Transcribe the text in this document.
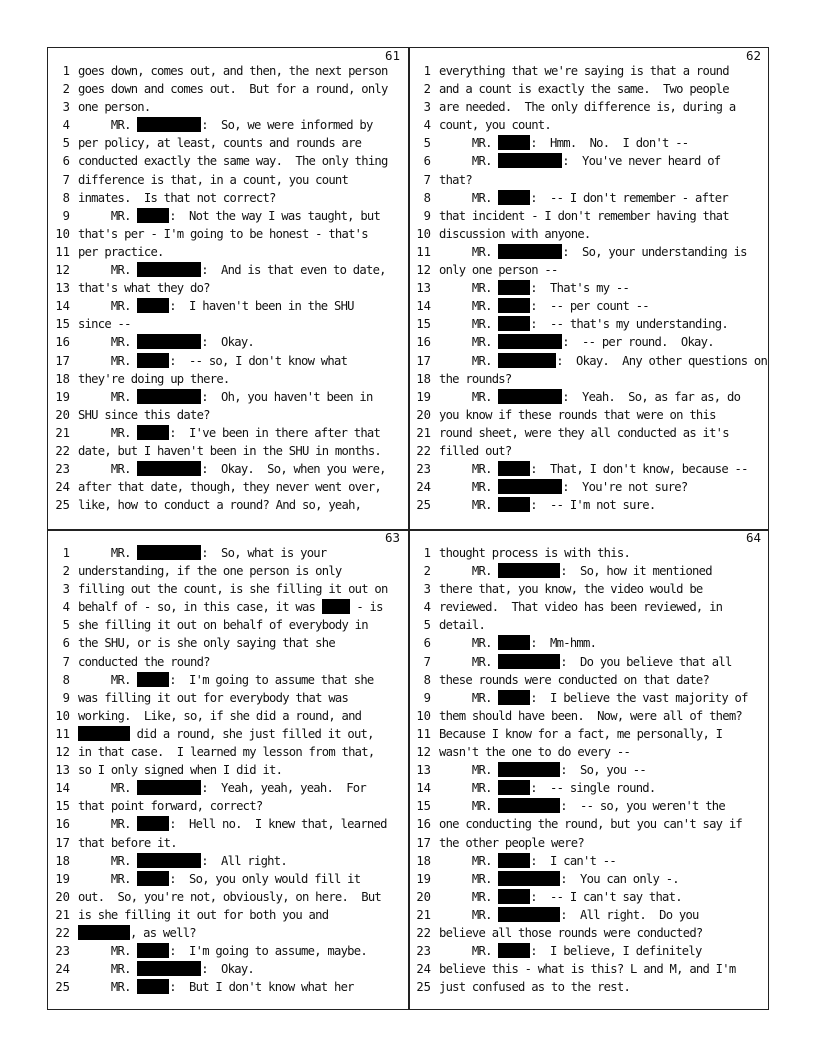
61
1 goes down, comes out, and then, the next person
2 goes down and comes out.  But for a round, only
3 one person.
4     MR.	:  So, we were informed by
5 per policy, at least, counts and rounds are
6 conducted exactly the same way.  The only thing
7 difference is that, in a count, you count
8 inmates.  Is that not correct?
9     MR.	:  Not the way I was taught, but
10 that's per - I'm going to be honest - that's
11 per practice.
12     MR.	:  And is that even to date,
13 that's what they do?
14     MR.	:  I haven't been in the SHU
15 since --
16     MR.	:  Okay.
17     MR.	:  -- so, I don't know what
18 they're doing up there.
19     MR.	:  Oh, you haven't been in
20 SHU since this date?
21     MR.	:  I've been in there after that
22 date, but I haven't been in the SHU in months.
23     MR.	:  Okay.  So, when you were,
24 after that date, though, they never went over,
25 like, how to conduct a round? And so, yeah,
62
1 everything that we're saying is that a round
2 and a count is exactly the same.  Two people
3 are needed.  The only difference is, during a
4 count, you count.
5     MR.	:  Hmm.  No.  I don't --
6     MR.	:  You've never heard of
7 that?
8     MR.	:  -- I don't remember - after
9 that incident - I don't remember having that
10 discussion with anyone.
11     MR.	:  So, your understanding is
12 only one person --
13     MR.	:  That's my --
14     MR.	:  -- per count --
15     MR.	:  -- that's my understanding.
16     MR.	:  -- per round.  Okay.
17     MR.	:  Okay.  Any other questions on
18 the rounds?
19     MR.	:  Yeah.  So, as far as, do
20 you know if these rounds that were on this
21 round sheet, were they all conducted as it's
22 filled out?
23     MR.	:  That, I don't know, because --
24     MR.	:  You're not sure?
25     MR.	:  -- I'm not sure.
63
1     MR.	:  So, what is your
2 understanding, if the one person is only
3 filling out the count, is she filling it out on
4 behalf of - so, in this case, it was  - is
5 she filling it out on behalf of everybody in
6 the SHU, or is she only saying that she
7 conducted the round?
8     MR.	:  I'm going to assume that she
9 was filling it out for everybody that was
10 working.  Like, so, if she did a round, and
11	did a round, she just filled it out,
12 in that case.  I learned my lesson from that,
13 so I only signed when I did it.
14     MR.	:  Yeah, yeah, yeah.  For
15 that point forward, correct?
16     MR.	:  Hell no.  I knew that, learned
17 that before it.
18     MR.	:  All right.
19     MR.	:  So, you only would fill it
20 out.  So, you're not, obviously, on here.  But
21 is she filling it out for both you and
22	, as well?
23     MR.	:  I'm going to assume, maybe.
24     MR.	:  Okay.
25     MR.	:  But I don't know what her
64
1 thought process is with this.
2     MR.	:  So, how it mentioned
3 there that, you know, the video would be
4 reviewed.  That video has been reviewed, in
5 detail.
6     MR.	:  Mm-hmm.
7     MR.	:  Do you believe that all
8 these rounds were conducted on that date?
9     MR.	:  I believe the vast majority of
10 them should have been.  Now, were all of them?
11 Because I know for a fact, me personally, I
12 wasn't the one to do every --
13     MR.	:  So, you --
14     MR.	:  -- single round.
15     MR.	:  -- so, you weren't the
16 one conducting the round, but you can't say if
17 the other people were?
18     MR.	:  I can't --
19     MR.	:  You can only -.
20     MR.	:  -- I can't say that.
21     MR.	:  All right.  Do you
22 believe all those rounds were conducted?
23     MR.	:  I believe, I definitely
24 believe this - what is this? L and M, and I'm
25 just confused as to the rest.
